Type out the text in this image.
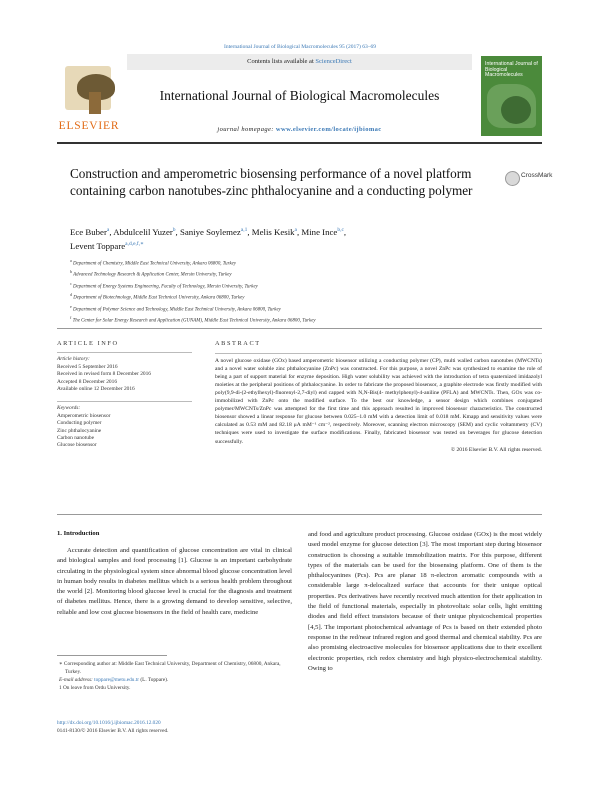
International Journal of Biological Macromolecules 95 (2017) 63–69
ELSEVIER
Contents lists available at ScienceDirect
International Journal of Biological Macromolecules
journal homepage: www.elsevier.com/locate/ijbiomac
International Journal of Biological Macromolecules
Construction and amperometric biosensing performance of a novel platform containing carbon nanotubes-zinc phthalocyanine and a conducting polymer
CrossMark
Ece Buber$^a$, Abdulcelil Yuzer$^b$, Saniye Soylemez$^{a,1}$, Melis Kesik$^a$, Mine Ince$^{b,c}$,
Levent Toppare$^{a,d,e,f,∗}$
$^a$ Department of Chemistry, Middle East Technical University, Ankara 06800, Turkey
$^b$ Advanced Technology Research & Application Center, Mersin University, Turkey
$^c$ Department of Energy Systems Engineering, Faculty of Technology, Mersin University, Turkey
$^d$ Department of Biotechnology, Middle East Technical University, Ankara 06800, Turkey
$^e$ Department of Polymer Science and Technology, Middle East Technical University, Ankara 06800, Turkey
$^f$ The Center for Solar Energy Research and Application (GUNAM), Middle East Technical University, Ankara 06800, Turkey
ARTICLE INFO
Article history:
Received 5 September 2016
Received in revised form 8 December 2016
Accepted 8 December 2016
Available online 12 December 2016
Keywords:
Amperometric biosensor
Conducting polymer
Zinc phthalocyanine
Carbon nanotube
Glucose biosensor
ABSTRACT
A novel glucose oxidase (GOx) based amperometric biosensor utilizing a conducting polymer (CP), multi walled carbon nanotubes (MWCNTs) and a novel water soluble zinc phthalocyanine (ZnPc) was constructed. For this purpose, a novel ZnPc was synthesized to examine the role of being a part of support material for enzyme deposition. High water solubility was achieved with the introduction of tetra quaternized imidazolyl moieties at the peripheral positions of phthalocyanine. In order to fabricate the proposed biosensor, a graphite electrode was firstly modified with poly(9,9-di-(2-ethylhexyl)-fluorenyl-2,7-diyl) end capped with N,N-Bis(4- methylphenyl)-4-aniline (PFLA) and MWCNTs. Then, GOx was co-immobilized with ZnPc onto the modified surface. To the best our knowledge, a sensor design which combines conjugated polymer/MWCNTs/ZnPc was attempted for the first time and this approach resulted in improved biosensor characteristics. The constructed biosensor showed a linear response for glucose between 0.025–1.0 mM with a detection limit of 0.018 mM. Kmapp and sensitivity values were calculated as 0.53 mM and 82.18 μA mM⁻¹ cm⁻², respectively. Moreover, scanning electron microscopy (SEM) and cyclic voltammetry (CV) techniques were used to investigate the surface modifications. Finally, fabricated biosensor was tested on beverages for glucose detection successfully.
© 2016 Elsevier B.V. All rights reserved.
1. Introduction

Accurate detection and quantification of glucose concentration are vital in clinical and biological samples and food processing [1]. Glucose is an important carbohydrate circulating in the physiological system since abnormal blood glucose concentration level in human body results in diabetes mellitus which is a serious health problem throughout the world [2]. Monitoring blood glucose level is crucial for the diagnosis and treatment of diabetes mellitus. Hence, there is a growing demand to develop sensitive, selective, reliable and low cost glucose biosensors in the field of health care, medicine

and food and agriculture product processing. Glucose oxidase (GOx) is the most widely used model enzyme for glucose detection [3]. The most important step during biosensor construction is choosing a suitable immobilization matrix. For this purpose, different types of the materials can be used for the biosensing platform. One of them is the phthalocyanines (Pcs). Pcs are planar 18 π-electron aromatic compounds with a considerable large π-delocalized surface that accounts for their unique optical properties. Pcs derivatives have recently received much attention for their application in the field of functional materials, especially in photovoltaic solar cells, light emitting diodes and field effect transistors because of their unique physicochemical properties [4,5]. The important photochemical advantage of Pcs is based on their extended photo response in the red/near infrared region and good thermal and chemical stability. Pcs are also promising electroactive molecules for biosensor applications due to their excellent electronic properties, rich redox chemistry and high physico-electrochemical stability. Owing to

∗ Corresponding author at: Middle East Technical University, Department of Chemistry, 06800, Ankara, Turkey.
E-mail address: toppare@metu.edu.tr (L. Toppare).
1 On leave from Ordu University.
http://dx.doi.org/10.1016/j.ijbiomac.2016.12.020
0141-8130/© 2016 Elsevier B.V. All rights reserved.
